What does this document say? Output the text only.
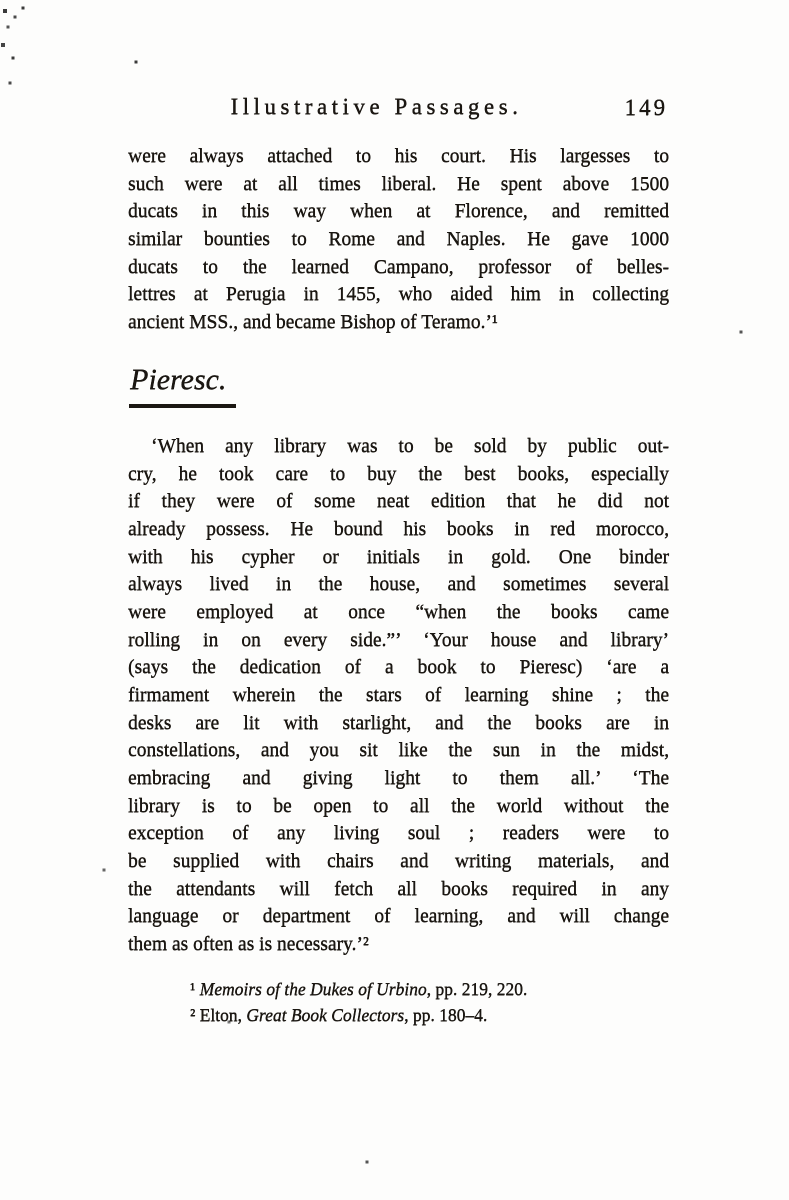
Illustrative Passages.	149
were always attached to his court. His largesses to
such were at all times liberal. He spent above 1500
ducats in this way when at Florence, and remitted
similar bounties to Rome and Naples. He gave 1000
ducats to the learned Campano, professor of belles-
lettres at Perugia in 1455, who aided him in collecting
ancient MSS., and became Bishop of Teramo.’¹
Pieresc.
‘When any library was to be sold by public out-
cry, he took care to buy the best books, especially
if they were of some neat edition that he did not
already possess. He bound his books in red morocco,
with his cypher or initials in gold. One binder
always lived in the house, and sometimes several
were employed at once “when the books came
rolling in on every side.”’ ‘Your house and library’
(says the dedication of a book to Pieresc) ‘are a
firmament wherein the stars of learning shine ; the
desks are lit with starlight, and the books are in
constellations, and you sit like the sun in the midst,
embracing and giving light to them all.’ ‘The
library is to be open to all the world without the
exception of any living soul ; readers were to
be supplied with chairs and writing materials, and
the attendants will fetch all books required in any
language or department of learning, and will change
them as often as is necessary.’²
¹ Memoirs of the Dukes of Urbino, pp. 219, 220.
² Elton, Great Book Collectors, pp. 180–4.
